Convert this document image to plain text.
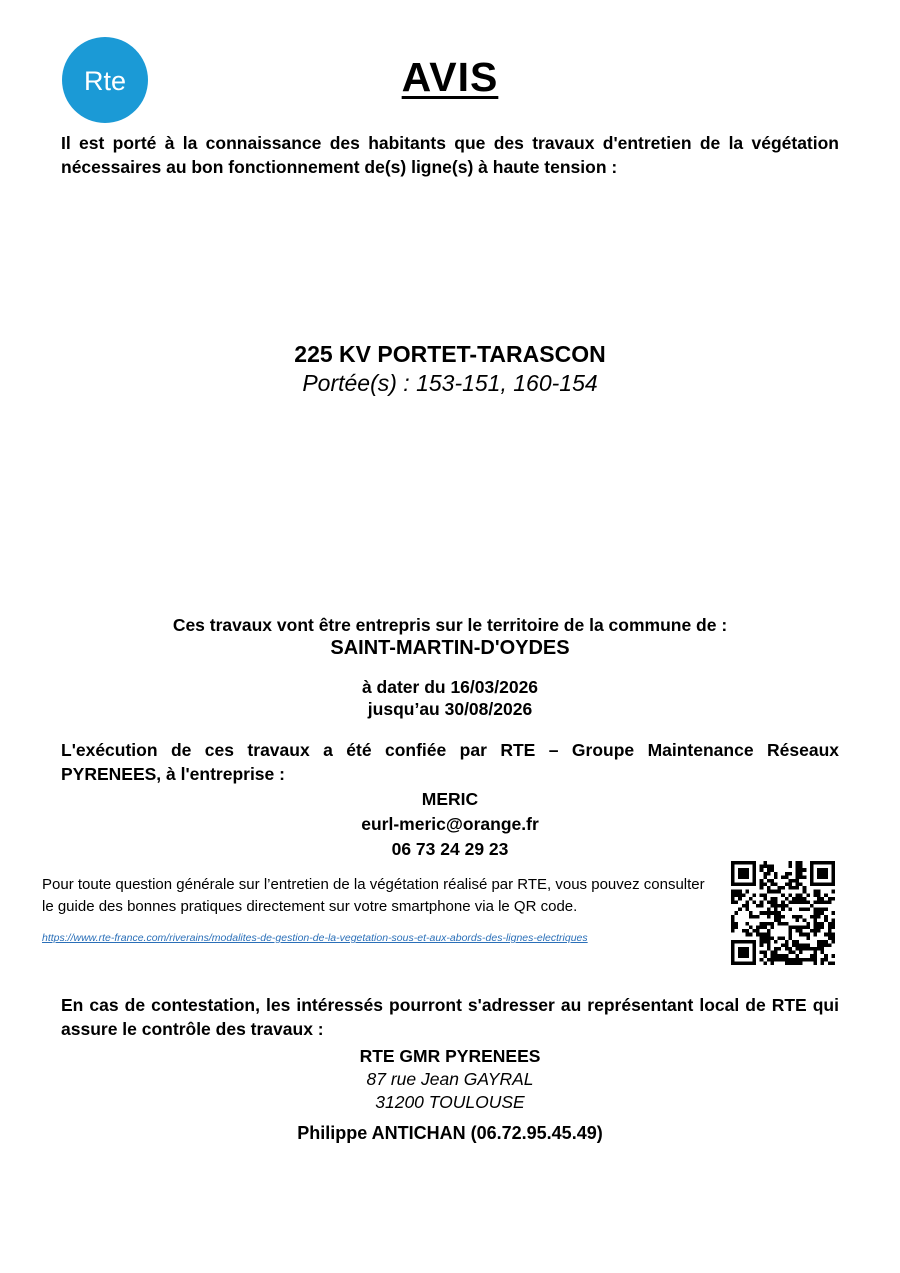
Rte	AVIS
Il est porté à la connaissance des habitants que des travaux d'entretien de la végétation nécessaires au bon fonctionnement de(s) ligne(s) à haute tension :
225 KV PORTET-TARASCON
Portée(s) : 153-151, 160-154
Ces travaux vont être entrepris sur le territoire de la commune de :
SAINT-MARTIN-D'OYDES
à dater du 16/03/2026
jusqu’au 30/08/2026
L'exécution de ces travaux a été confiée par RTE – Groupe Maintenance Réseaux PYRENEES, à l'entreprise :
MERIC
eurl-meric@orange.fr
06 73 24 29 23
Pour toute question générale sur l’entretien de la végétation réalisé par RTE, vous pouvez consulter le guide des bonnes pratiques directement sur votre smartphone via le QR code.
https://www.rte-france.com/riverains/modalites-de-gestion-de-la-vegetation-sous-et-aux-abords-des-lignes-electriques
En cas de contestation, les intéressés pourront s'adresser au représentant local de RTE qui assure le contrôle des travaux :
RTE GMR PYRENEES
87 rue Jean GAYRAL
31200 TOULOUSE
Philippe ANTICHAN (06.72.95.45.49)
